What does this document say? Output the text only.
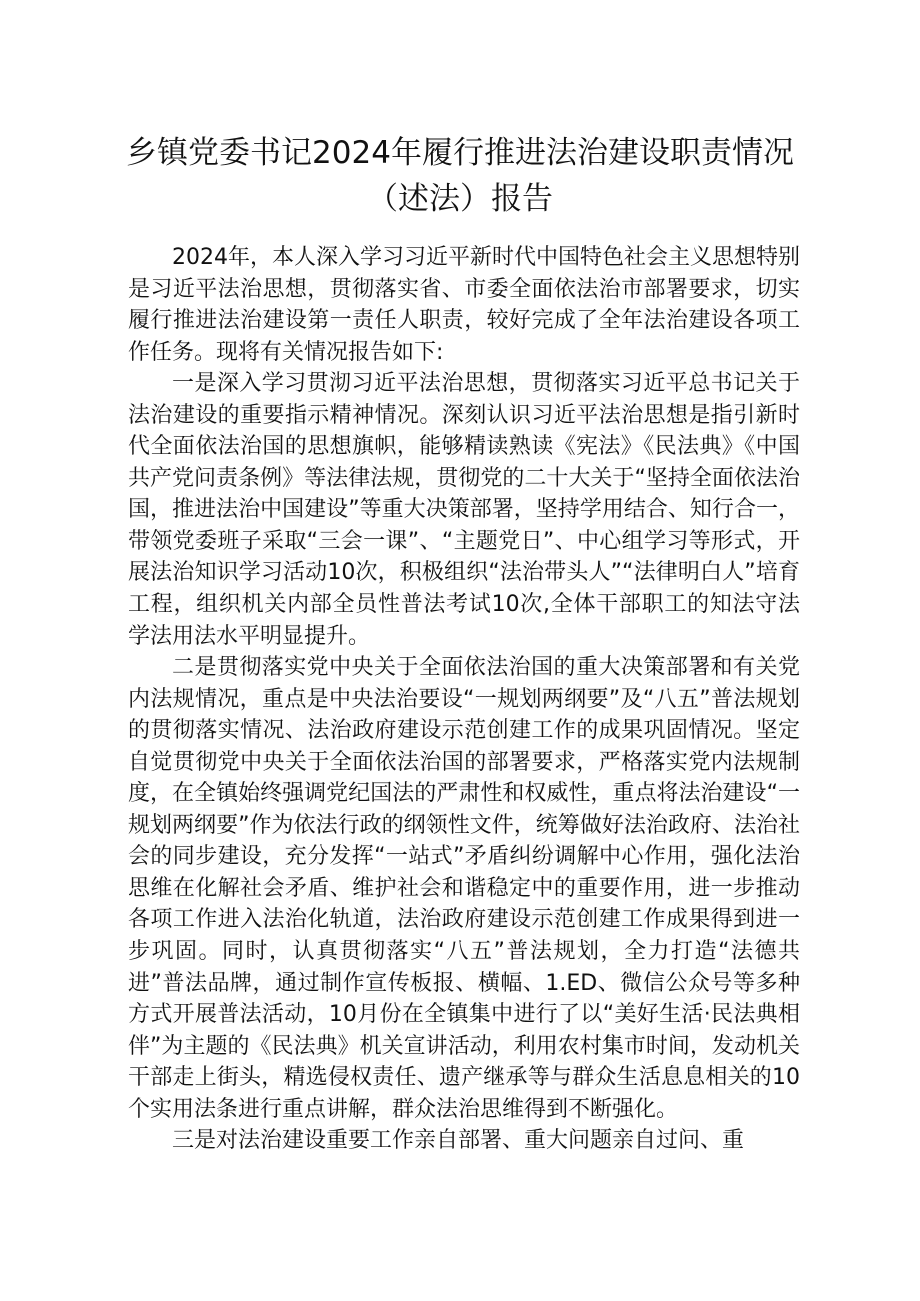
乡镇党委书记2024年履行推进法治建设职责情况（述法）报告

2024年，本人深入学习习近平新时代中国特色社会主义思想特别是习近平法治思想，贯彻落实省、市委全面依法治市部署要求，切实履行推进法治建设第一责任人职责，较好完成了全年法治建设各项工作任务。现将有关情况报告如下:

一是深入学习贯沏习近平法治思想，贯彻落实习近平总书记关于法治建设的重要指示精神情况。深刻认识习近平法治思想是指引新时代全面依法治国的思想旗帜，能够精读熟读《宪法》《民法典》《中国共产党问责条例》等法律法规，贯彻党的二十大关于“坚持全面依法治国，推进法治中国建设”等重大决策部署，坚持学用结合、知行合一，带领党委班子采取“三会一课”、“主题党日”、中心组学习等形式，开展法治知识学习活动10次，积极组织“法治带头人”“法律明白人”培育工程，组织机关内部全员性普法考试10次,全体干部职工的知法守法学法用法水平明显提升。

二是贯彻落实党中央关于全面依法治国的重大决策部署和有关党内法规情况，重点是中央法治要设“一规划两纲要”及“八五”普法规划的贯彻落实情况、法治政府建设示范创建工作的成果巩固情况。坚定自觉贯彻党中央关于全面依法治国的部署要求，严格落实党内法规制度，在全镇始终强调党纪国法的严肃性和权威性，重点将法治建设“一规划两纲要”作为依法行政的纲领性文件，统筹做好法治政府、法治社会的同步建设，充分发挥“一站式”矛盾纠纷调解中心作用，强化法治思维在化解社会矛盾、维护社会和谐稳定中的重要作用，进一步推动各项工作进入法治化轨道，法治政府建设示范创建工作成果得到进一步巩固。同时，认真贯彻落实“八五”普法规划，全力打造“法德共进”普法品牌，通过制作宣传板报、横幅、1.ED、微信公众号等多种方式开展普法活动，10月份在全镇集中进行了以“美好生活·民法典相伴”为主题的《民法典》机关宣讲活动，利用农村集市时间，发动机关干部走上街头，精选侵权责任、遗产继承等与群众生活息息相关的10个实用法条进行重点讲解，群众法治思维得到不断强化。

三是对法治建设重要工作亲自部署、重大问题亲自过问、重
